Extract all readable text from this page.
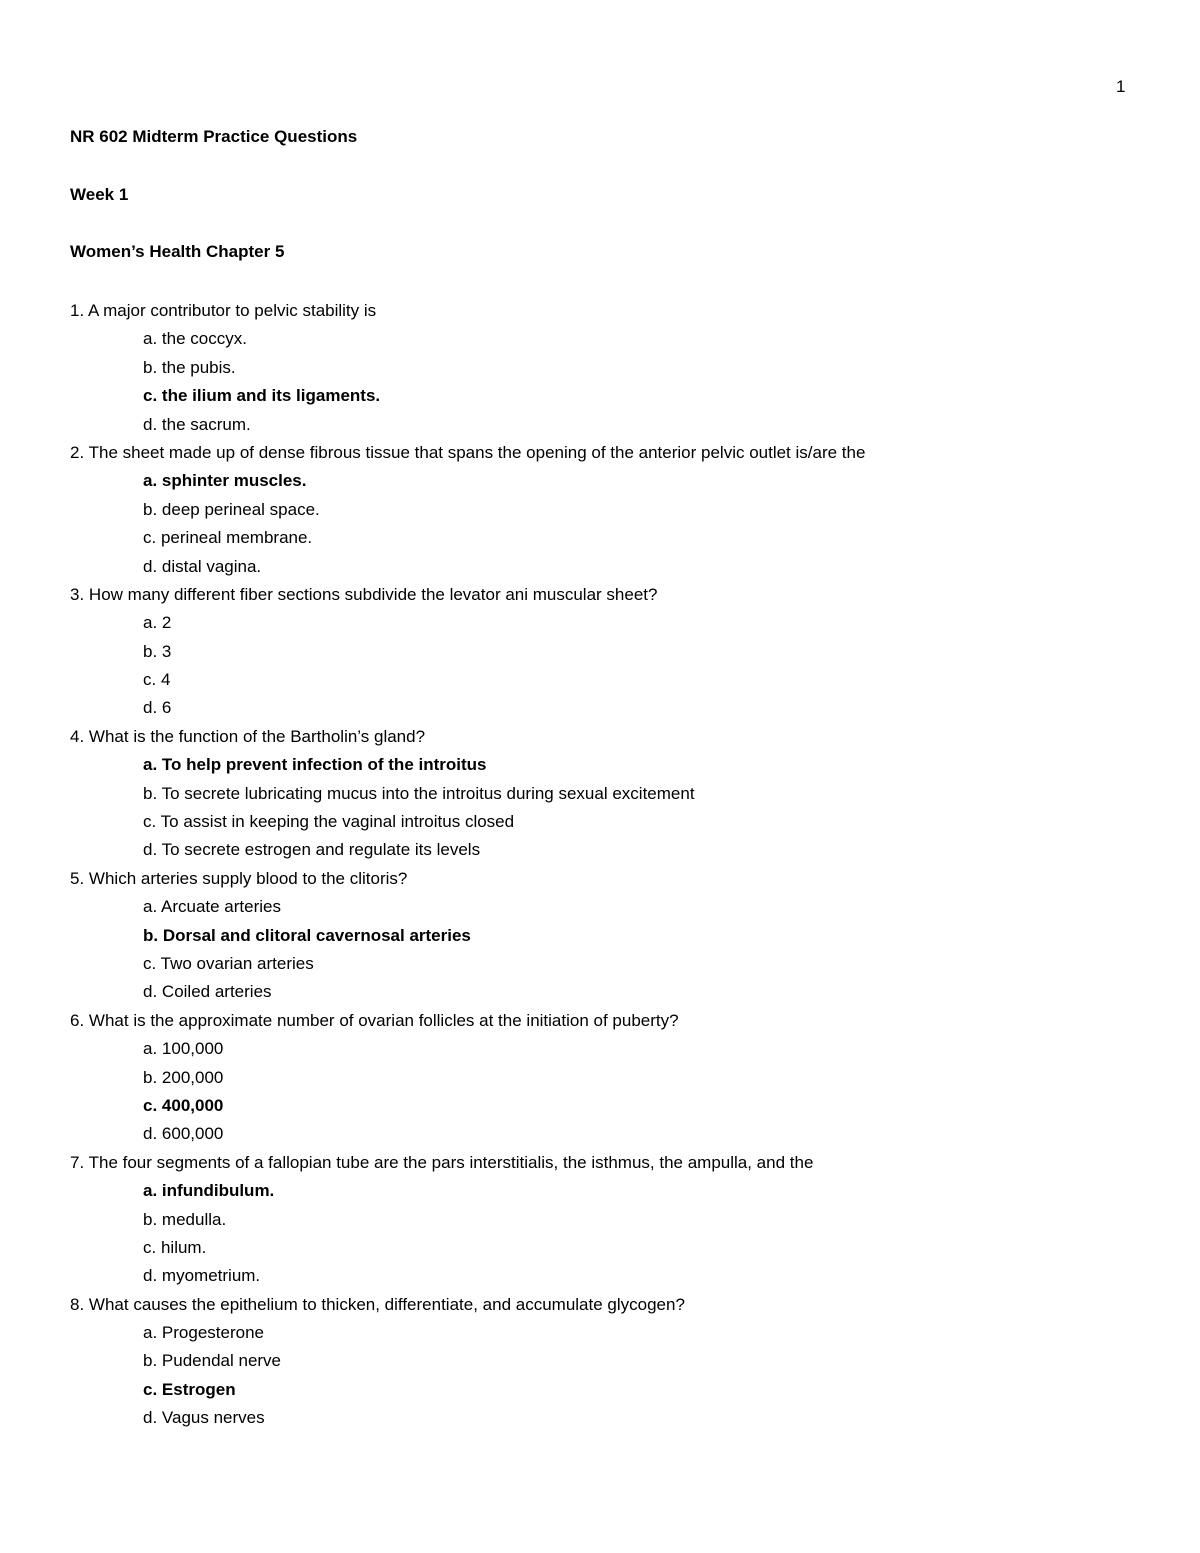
1
NR 602 Midterm Practice Questions
Week 1
Women’s Health Chapter 5
1. A major contributor to pelvic stability is
a. the coccyx.
b. the pubis.
c. the ilium and its ligaments.
d. the sacrum.
2. The sheet made up of dense fibrous tissue that spans the opening of the anterior pelvic outlet is/are the
a. sphinter muscles.
b. deep perineal space.
c. perineal membrane.
d. distal vagina.
3. How many different fiber sections subdivide the levator ani muscular sheet?
a. 2
b. 3
c. 4
d. 6
4. What is the function of the Bartholin’s gland?
a. To help prevent infection of the introitus
b. To secrete lubricating mucus into the introitus during sexual excitement
c. To assist in keeping the vaginal introitus closed
d. To secrete estrogen and regulate its levels
5. Which arteries supply blood to the clitoris?
a. Arcuate arteries
b. Dorsal and clitoral cavernosal arteries
c. Two ovarian arteries
d. Coiled arteries
6. What is the approximate number of ovarian follicles at the initiation of puberty?
a. 100,000
b. 200,000
c. 400,000
d. 600,000
7. The four segments of a fallopian tube are the pars interstitialis, the isthmus, the ampulla, and the
a. infundibulum.
b. medulla.
c. hilum.
d. myometrium.
8. What causes the epithelium to thicken, differentiate, and accumulate glycogen?
a. Progesterone
b. Pudendal nerve
c. Estrogen
d. Vagus nerves
